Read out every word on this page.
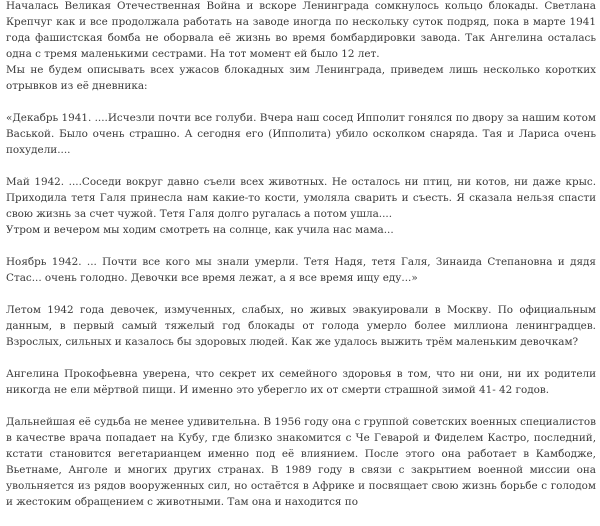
Началась Великая Отечественная Война и вскоре Ленинграда сомкнулось кольцо блокады. Светлана Крепчуг как и все продолжала работать на заводе иногда по нескольку суток подряд, пока в марте 1941 года фашистская бомба не оборвала её жизнь во время бомбардировки завода. Так Ангелина осталась одна с тремя маленькими сестрами. На тот момент ей было 12 лет.
Мы не будем описывать всех ужасов блокадных зим Ленинграда, приведем лишь несколько коротких отрывков из её дневника:
«Декабрь 1941. ....Исчезли почти все голуби. Вчера наш сосед Ипполит гонялся по двору за нашим котом Васькой. Было очень страшно. А сегодня его (Ипполита) убило осколком снаряда. Тая и Лариса очень похудели....
Май 1942. ....Соседи вокруг давно съели всех животных. Не осталось ни птиц, ни котов, ни даже крыс. Приходила тетя Галя принесла нам какие-то кости, умоляла сварить и съесть. Я сказала нельзя спасти свою жизнь за счет чужой. Тетя Галя долго ругалась а потом ушла....
Утром и вечером мы ходим смотреть на солнце, как учила нас мама...
Ноябрь 1942. ... Почти все кого мы знали умерли. Тетя Надя, тетя Галя, Зинаида Степановна и дядя Стас... очень голодно. Девочки все время лежат, а я все время ищу еду...»
Летом 1942 года девочек, измученных, слабых, но живых эвакуировали в Москву. По официальным данным, в первый самый тяжелый год блокады от голода умерло более миллиона ленинградцев. Взрослых, сильных и казалось бы здоровых людей. Как же удалось выжить трём маленьким девочкам?
Ангелина Прокофьевна уверена, что секрет их семейного здоровья в том, что ни они, ни их родители никогда не ели мёртвой пищи. И именно это уберегло их от смерти страшной зимой 41- 42 годов.
Дальнейшая её судьба не менее удивительна. В 1956 году она с группой советских военных специалистов в качестве врача попадает на Кубу, где близко знакомится с Че Геварой и Фиделем Кастро, последний, кстати становится вегетарианцем именно под её влиянием. После этого она работает в Камбодже, Вьетнаме, Анголе и многих других странах. В 1989 году в связи с закрытием военной миссии она увольняется из рядов вооруженных сил, но остаётся в Африке и посвящает свою жизнь борьбе с голодом и жестоким обращением с животными. Там она и находится по
